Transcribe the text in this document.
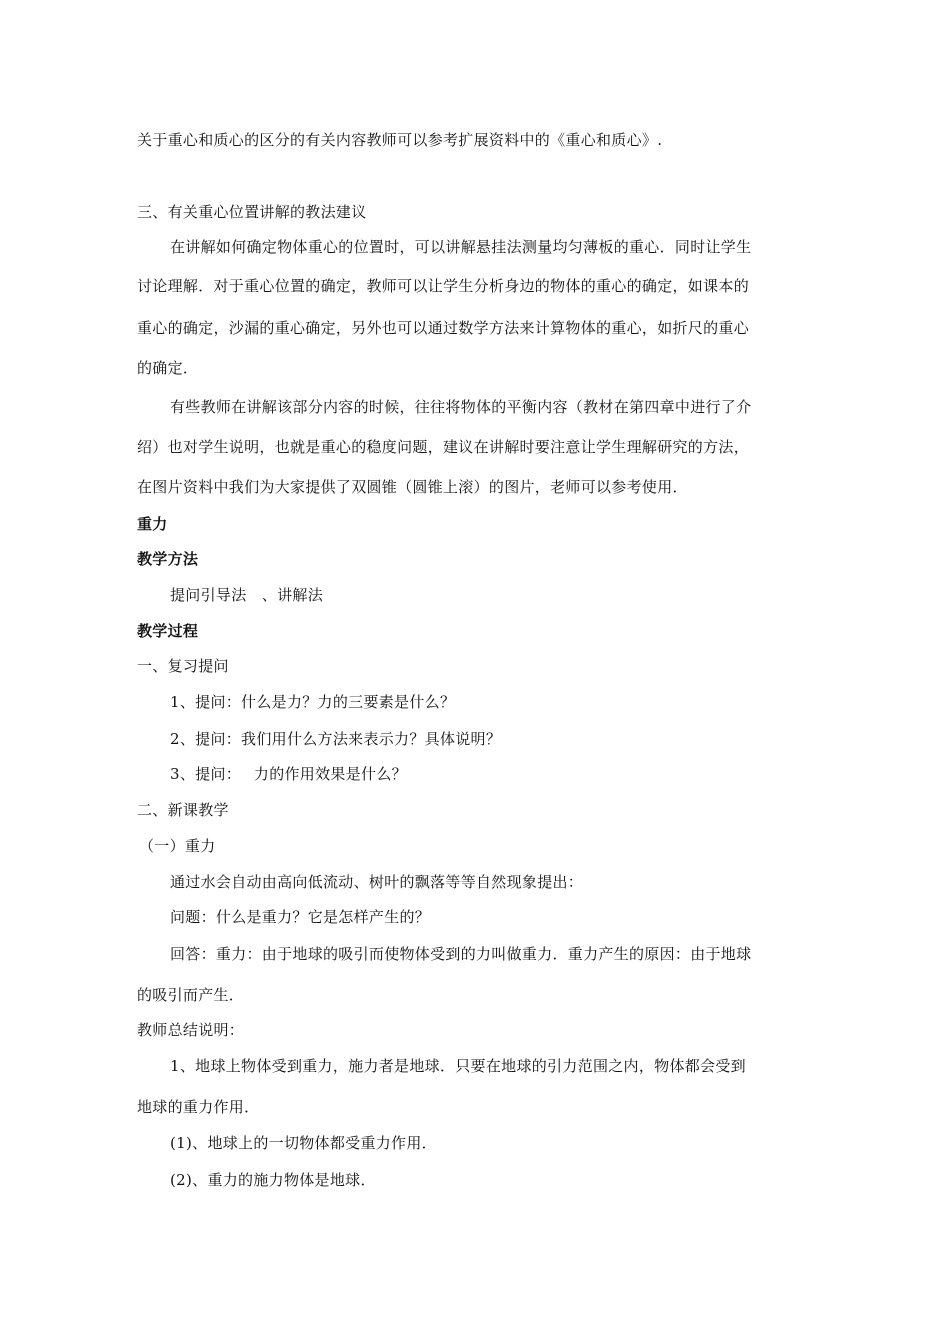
关于重心和质心的区分的有关内容教师可以参考扩展资料中的《重心和质心》.
三、有关重心位置讲解的教法建议
在讲解如何确定物体重心的位置时，可以讲解悬挂法测量均匀薄板的重心．同时让学生
讨论理解．对于重心位置的确定，教师可以让学生分析身边的物体的重心的确定，如课本的
重心的确定，沙漏的重心确定，另外也可以通过数学方法来计算物体的重心，如折尺的重心
的确定．
有些教师在讲解该部分内容的时候，往往将物体的平衡内容（教材在第四章中进行了介
绍）也对学生说明，也就是重心的稳度问题，建议在讲解时要注意让学生理解研究的方法，
在图片资料中我们为大家提供了双圆锥（圆锥上滚）的图片，老师可以参考使用．
重力
教学方法
提问引导法　、讲解法
教学过程
一、复习提问
1、提问：什么是力？力的三要素是什么？
2、提问：我们用什么方法来表示力？具体说明？
3、提问：　 力的作用效果是什么？
二、新课教学
（一）重力
通过水会自动由高向低流动、树叶的飘落等等自然现象提出：
问题：什么是重力？它是怎样产生的？
回答：重力：由于地球的吸引而使物体受到的力叫做重力．重力产生的原因：由于地球
的吸引而产生．
教师总结说明：
1、地球上物体受到重力，施力者是地球．只要在地球的引力范围之内，物体都会受到
地球的重力作用．
(1)、地球上的一切物体都受重力作用．
(2)、重力的施力物体是地球．
